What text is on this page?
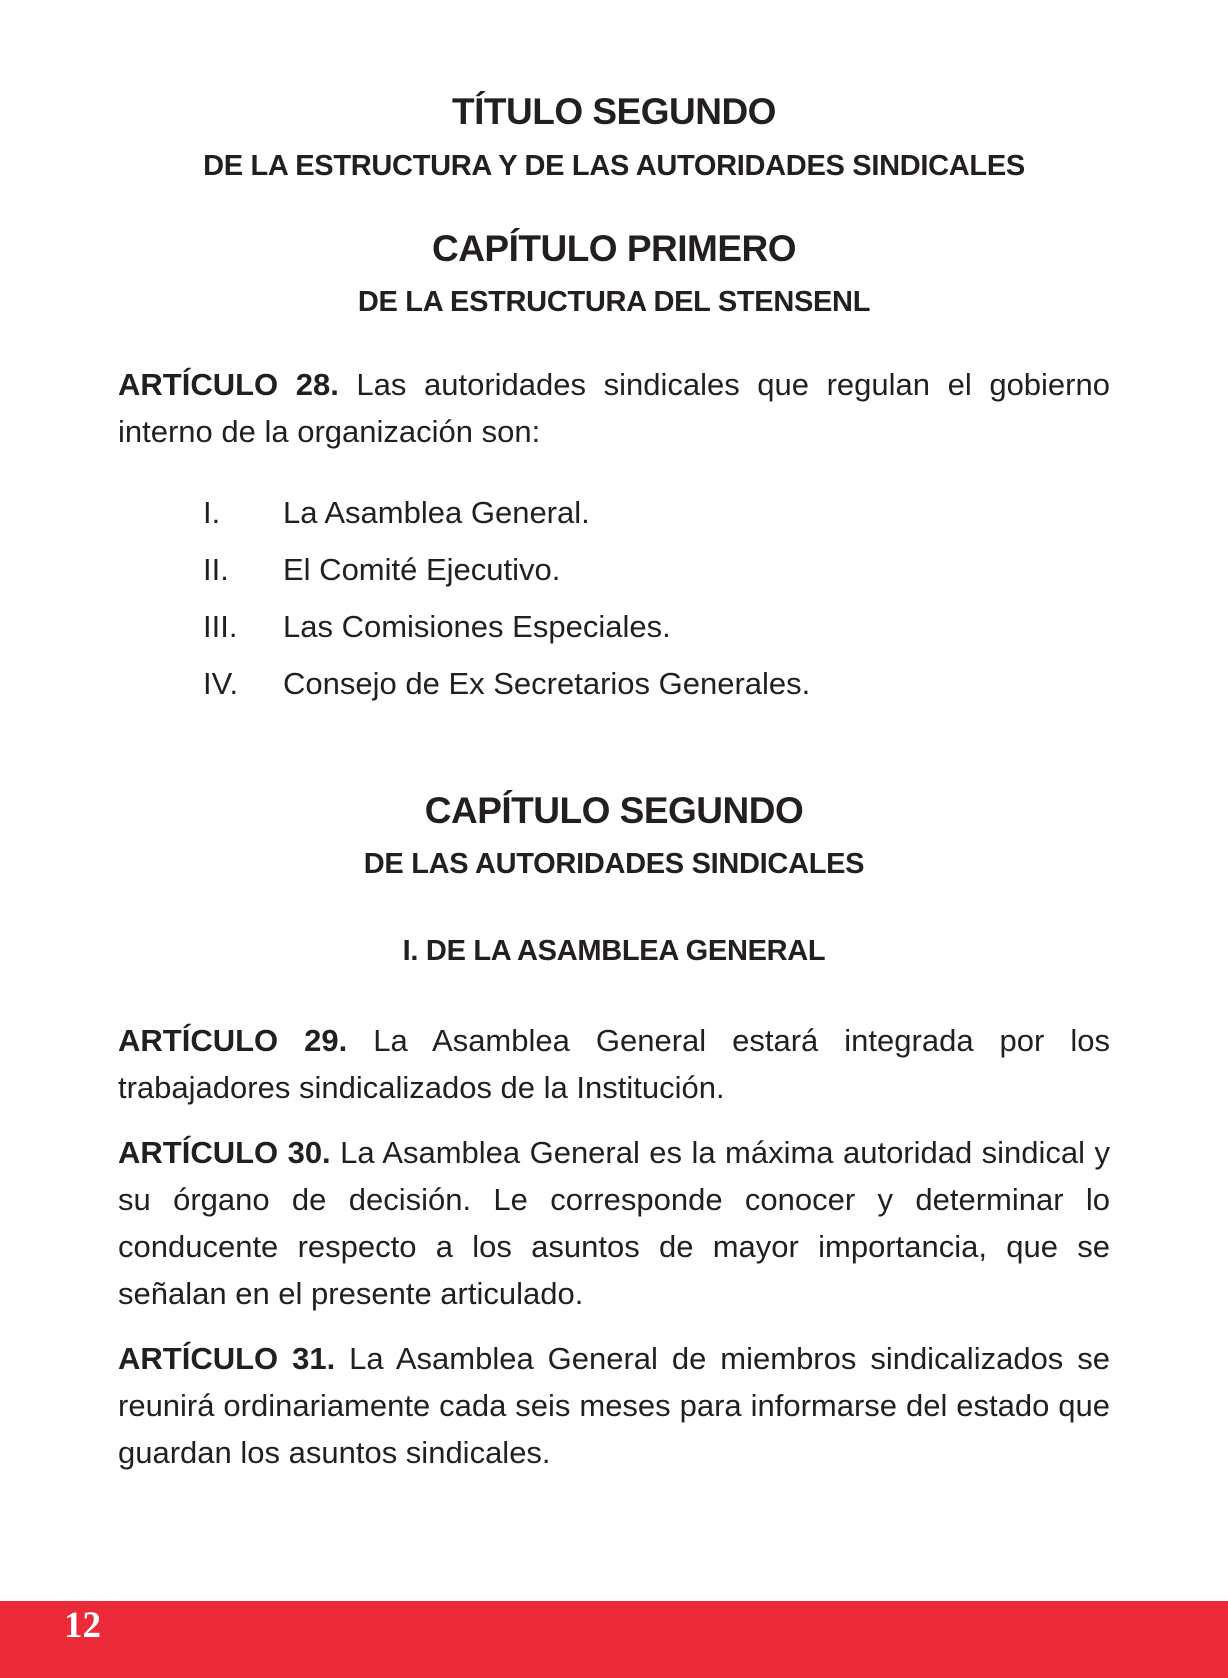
TÍTULO SEGUNDO
DE LA ESTRUCTURA Y DE LAS AUTORIDADES SINDICALES
CAPÍTULO PRIMERO
DE LA ESTRUCTURA DEL STENSENL

ARTÍCULO 28. Las autoridades sindicales que regulan el gobierno interno de la organización son:

I.	La Asamblea General.
II.	El Comité Ejecutivo.
III.	Las Comisiones Especiales.
IV.	Consejo de Ex Secretarios Generales.
CAPÍTULO SEGUNDO
DE LAS AUTORIDADES SINDICALES
I. DE LA ASAMBLEA GENERAL

ARTÍCULO 29. La Asamblea General estará integrada por los trabajadores sindicalizados de la Institución.

ARTÍCULO 30. La Asamblea General es la máxima autoridad sindical y su órgano de decisión. Le corresponde conocer y determinar lo conducente respecto a los asuntos de mayor importancia, que se señalan en el presente articulado.

ARTÍCULO 31. La Asamblea General de miembros sindicalizados se reunirá ordinariamente cada seis meses para informarse del estado que guardan los asuntos sindicales.

12
